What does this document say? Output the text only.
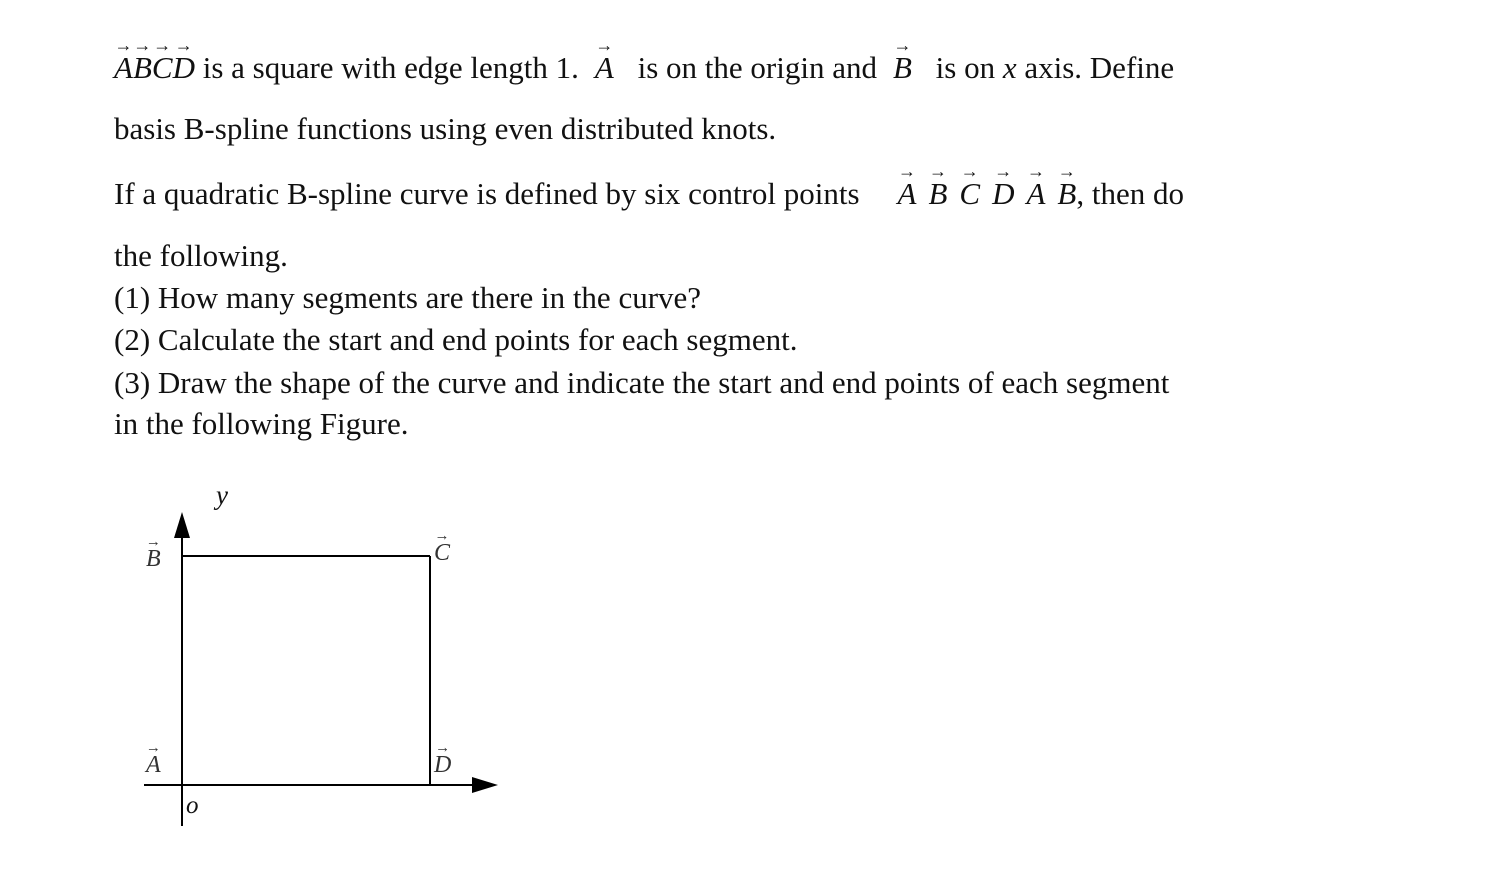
→ A→ B→ C→ D is a square with edge length 1. → A is on the origin and → B is on x axis. Define
basis B-spline functions using even distributed knots.
If a quadratic B-spline curve is defined by six control points → A → B → C → D → A → B, then do
the following.
(1) How many segments are there in the curve?
(2) Calculate the start and end points for each segment.
(3) Draw the shape of the curve and indicate the start and end points of each segment
in the following Figure.
y
o
→ B	→ C
→ A	→ D
